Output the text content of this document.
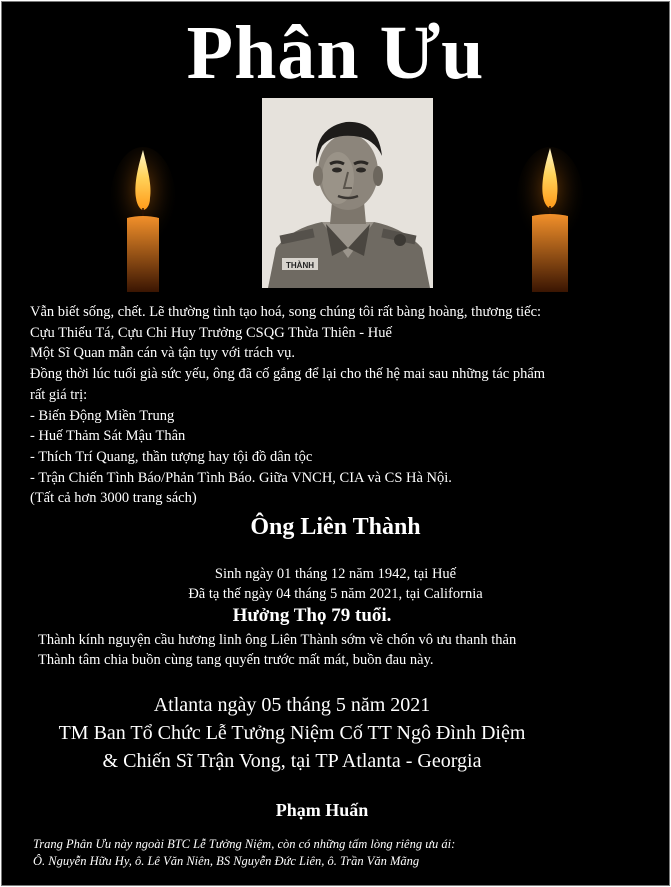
Phân Ưu
THÀNH

Vẫn biết sống, chết. Lẽ thường tình tạo hoá, song chúng tôi rất bàng hoàng, thương tiếc:

Cựu Thiếu Tá, Cựu Chỉ Huy Trưởng CSQG Thừa Thiên - Huế

Một Sĩ Quan mẫn cán và tận tụy với trách vụ.

Đồng thời lúc tuổi già sức yếu, ông đã cố gắng để lại cho thế hệ mai sau những tác phẩm

rất giá trị:

- Biến Động Miền Trung

- Huế Thảm Sát Mậu Thân

- Thích Trí Quang, thần tượng hay tội đồ dân tộc

- Trận Chiến Tình Báo/Phản Tình Báo. Giữa VNCH, CIA và CS Hà Nội.

(Tất cả hơn 3000 trang sách)

Ông Liên Thành

Sinh ngày 01 tháng 12 năm 1942, tại Huế

Đã tạ thế ngày 04 tháng 5 năm 2021, tại California

Hưởng Thọ 79 tuổi.

Thành kính nguyện cầu hương linh ông Liên Thành sớm về chốn vô ưu thanh thản

Thành tâm chia buồn cùng tang quyến trước mất mát, buồn đau này.

Atlanta ngày 05 tháng 5 năm 2021

TM Ban Tổ Chức Lễ Tưởng Niệm Cố TT Ngô Đình Diệm

& Chiến Sĩ Trận Vong, tại TP Atlanta - Georgia

Phạm Huấn

Trang Phân Ưu này ngoài BTC Lễ Tưởng Niệm, còn có những tấm lòng riêng ưu ái:

Ô. Nguyễn Hữu Hy, ô. Lê Văn Niên, BS Nguyễn Đức Liên, ô. Trần Văn Mãng
